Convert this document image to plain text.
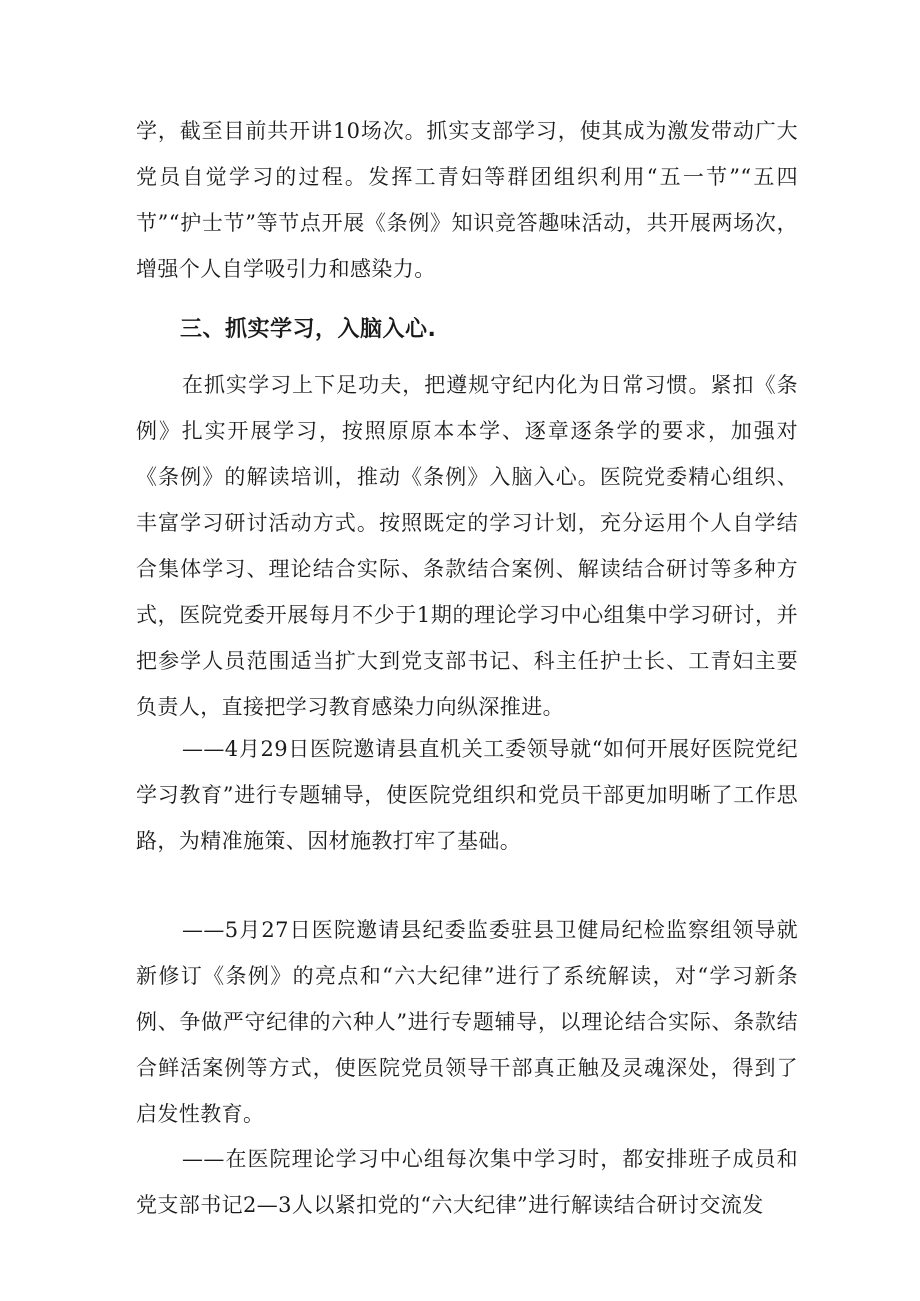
学，截至目前共开讲10场次。抓实支部学习，使其成为激发带动广大党员自觉学习的过程。发挥工青妇等群团组织利用“五一节”“五四节”“护士节”等节点开展《条例》知识竞答趣味活动，共开展两场次，增强个人自学吸引力和感染力。

三、抓实学习，入脑入心.

在抓实学习上下足功夫，把遵规守纪内化为日常习惯。紧扣《条例》扎实开展学习，按照原原本本学、逐章逐条学的要求，加强对《条例》的解读培训，推动《条例》入脑入心。医院党委精心组织、丰富学习研讨活动方式。按照既定的学习计划，充分运用个人自学结合集体学习、理论结合实际、条款结合案例、解读结合研讨等多种方式，医院党委开展每月不少于1期的理论学习中心组集中学习研讨，并把参学人员范围适当扩大到党支部书记、科主任护士长、工青妇主要负责人，直接把学习教育感染力向纵深推进。

——4月29日医院邀请县直机关工委领导就“如何开展好医院党纪学习教育”进行专题辅导，使医院党组织和党员干部更加明晰了工作思路，为精准施策、因材施教打牢了基础。

——5月27日医院邀请县纪委监委驻县卫健局纪检监察组领导就新修订《条例》的亮点和“六大纪律”进行了系统解读，对“学习新条例、争做严守纪律的六种人”进行专题辅导，以理论结合实际、条款结合鲜活案例等方式，使医院党员领导干部真正触及灵魂深处，得到了启发性教育。

——在医院理论学习中心组每次集中学习时，都安排班子成员和党支部书记2—3人以紧扣党的“六大纪律”进行解读结合研讨交流发
